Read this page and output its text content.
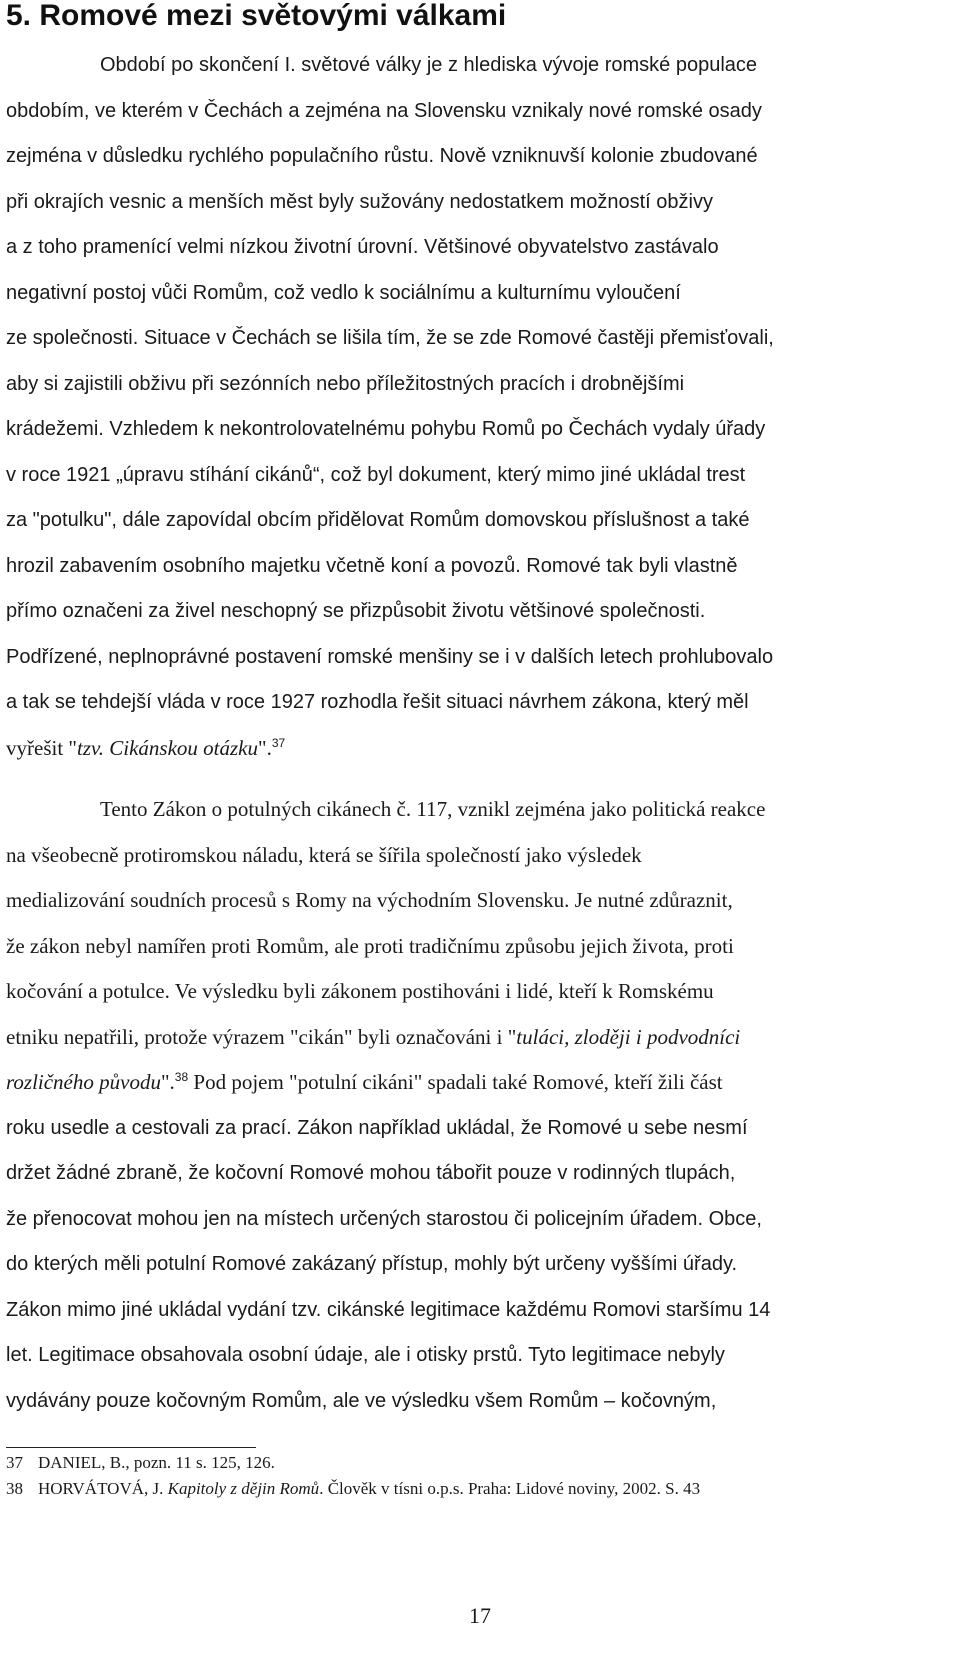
5. Romové mezi světovými válkami
Období po skončení I. světové války je z hlediska vývoje romské populace
obdobím, ve kterém v Čechách a zejména na Slovensku vznikaly nové romské osady
zejména v důsledku rychlého populačního růstu. Nově vzniknuvší kolonie zbudované
při okrajích vesnic a menších měst byly sužovány nedostatkem možností obživy
a z toho pramenící velmi nízkou životní úrovní. Většinové obyvatelstvo zastávalo
negativní postoj vůči Romům, což vedlo k sociálnímu a kulturnímu vyloučení
ze společnosti. Situace v Čechách se lišila tím, že se zde Romové častěji přemisťovali,
aby si zajistili obživu při sezónních nebo příležitostných pracích i drobnějšími
krádežemi. Vzhledem k nekontrolovatelnému pohybu Romů po Čechách vydaly úřady
v roce 1921 „úpravu stíhání cikánů“, což byl dokument, který mimo jiné ukládal trest
za "potulku", dále zapovídal obcím přidělovat Romům domovskou příslušnost a také
hrozil zabavením osobního majetku včetně koní a povozů. Romové tak byli vlastně
přímo označeni za živel neschopný se přizpůsobit životu většinové společnosti.
Podřízené, neplnoprávné postavení romské menšiny se i v dalších letech prohlubovalo
a tak se tehdejší vláda v roce 1927 rozhodla řešit situaci návrhem zákona, který měl
vyřešit "tzv. Cikánskou otázku".$^{37}$
Tento Zákon o potulných cikánech č. 117, vznikl zejména jako politická reakce
na všeobecně protiromskou náladu, která se šířila společností jako výsledek
medializování soudních procesů s Romy na východním Slovensku. Je nutné zdůraznit,
že zákon nebyl namířen proti Romům, ale proti tradičnímu způsobu jejich života, proti
kočování a potulce. Ve výsledku byli zákonem postihováni i lidé, kteří k Romskému
etniku nepatřili, protože výrazem "cikán" byli označováni i "tuláci, zloději i podvodníci
rozličného původu".$^{38}$ Pod pojem "potulní cikáni" spadali také Romové, kteří žili část
roku usedle a cestovali za prací. Zákon například ukládal, že Romové u sebe nesmí
držet žádné zbraně, že kočovní Romové mohou tábořit pouze v rodinných tlupách,
že přenocovat mohou jen na místech určených starostou či policejním úřadem. Obce,
do kterých měli potulní Romové zakázaný přístup, mohly být určeny vyššími úřady.
Zákon mimo jiné ukládal vydání tzv. cikánské legitimace každému Romovi staršímu 14
let. Legitimace obsahovala osobní údaje, ale i otisky prstů. Tyto legitimace nebyly
vydávány pouze kočovným Romům, ale ve výsledku všem Romům – kočovným,
37 DANIEL, B., pozn. 11 s. 125, 126.
38 HORVÁTOVÁ, J. Kapitoly z dějin Romů. Člověk v tísni o.p.s. Praha: Lidové noviny, 2002. S. 43
17
